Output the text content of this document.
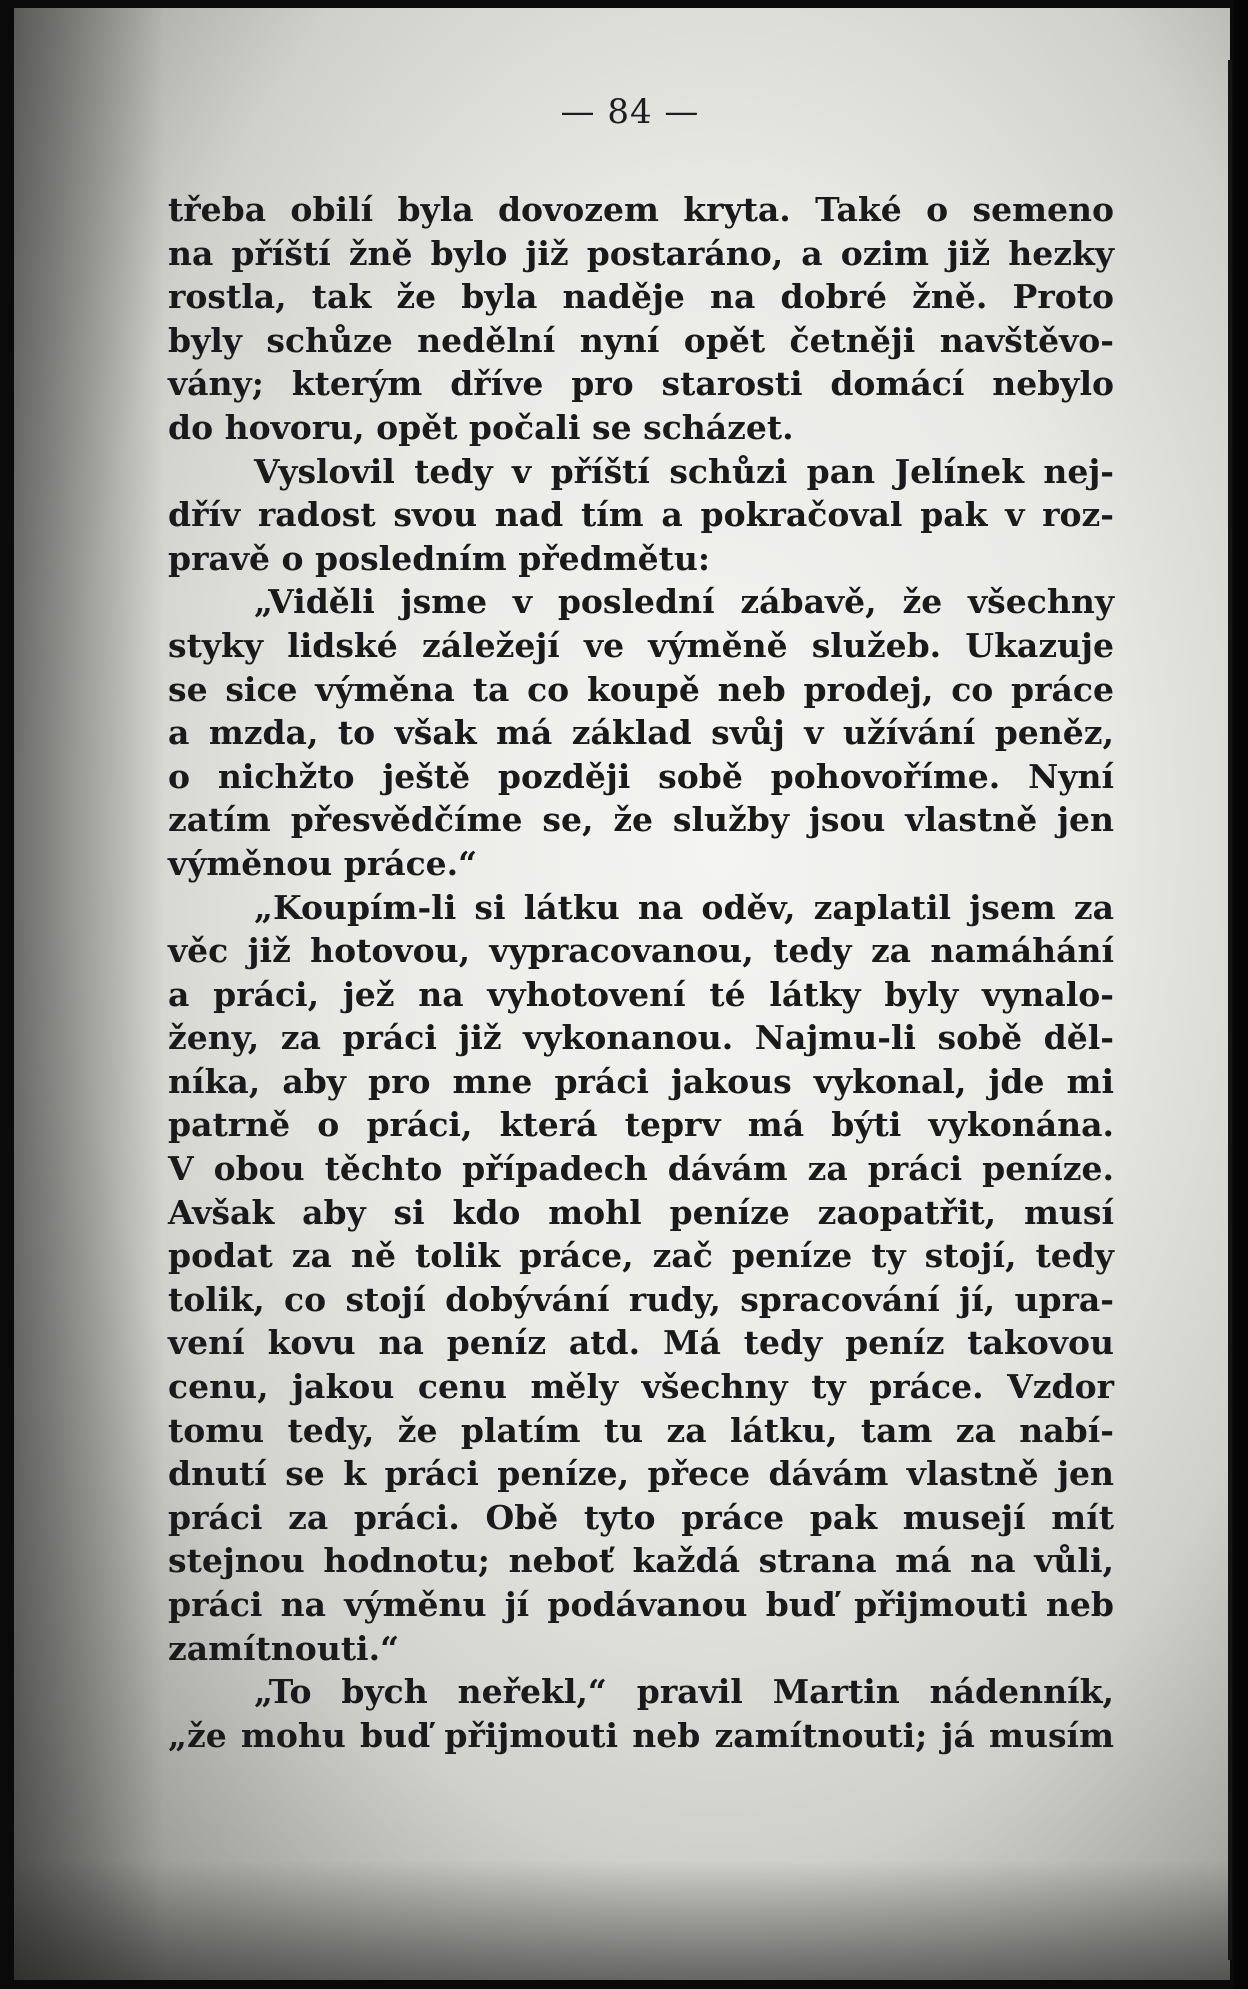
— 84 —
třeba obilí byla dovozem kryta. Také o semeno
na příští žně bylo již postaráno, a ozim již hezky
rostla, tak že byla naděje na dobré žně. Proto
byly schůze nedělní nyní opět četněji navštěvo-
vány; kterým dříve pro starosti domácí nebylo
do hovoru, opět počali se scházet.
Vyslovil tedy v příští schůzi pan Jelínek nej-
dřív radost svou nad tím a pokračoval pak v roz-
pravě o posledním předmětu:
„Viděli jsme v poslední zábavě, že všechny
styky lidské záležejí ve výměně služeb. Ukazuje
se sice výměna ta co koupě neb prodej, co práce
a mzda, to však má základ svůj v užívání peněz,
o nichžto ještě později sobě pohovoříme. Nyní
zatím přesvědčíme se, že služby jsou vlastně jen
výměnou práce.“
„Koupím-li si látku na oděv, zaplatil jsem za
věc již hotovou, vypracovanou, tedy za namáhání
a práci, jež na vyhotovení té látky byly vynalo-
ženy, za práci již vykonanou. Najmu-li sobě děl-
níka, aby pro mne práci jakous vykonal, jde mi
patrně o práci, která teprv má býti vykonána.
V obou těchto případech dávám za práci peníze.
Avšak aby si kdo mohl peníze zaopatřit, musí
podat za ně tolik práce, zač peníze ty stojí, tedy
tolik, co stojí dobývání rudy, spracování jí, upra-
vení kovu na peníz atd. Má tedy peníz takovou
cenu, jakou cenu měly všechny ty práce. Vzdor
tomu tedy, že platím tu za látku, tam za nabí-
dnutí se k práci peníze, přece dávám vlastně jen
práci za práci. Obě tyto práce pak musejí mít
stejnou hodnotu; neboť každá strana má na vůli,
práci na výměnu jí podávanou buď přijmouti neb
zamítnouti.“
„To bych neřekl,“ pravil Martin nádenník,
„že mohu buď přijmouti neb zamítnouti; já musím
